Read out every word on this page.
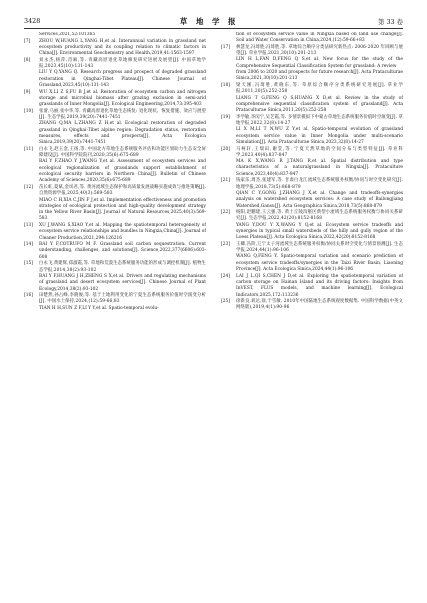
3428	草 地 学 报	第 33 卷

Services,2021,52:101365

[7]	ZHOU W,HUANG L,YANG H,et al. Interannual variation in grassland net ecosystem productivity and its coupling relation to climatic factors in China[J]. Environmental Geochemistry and Health,2019,41:1563-1597

[8]	刘永杰,杨萍,肖麻,等. 青藏高原退化草地修复研究进展及展望[J]. 中国草地学报,2023,45(10):131-143

LIU Y Q,YANG Q. Research progress and prospect of degraded grassland restoration in Qinghai-Tibet Plateau[J]. Chinese Journal of Grassland,2023,45(10):131-143

[9]	WU X,LI Z S,FU B J,et al. Restoration of ecosystem carbon and nitrogen storage and microbial biomass after grazing exclusion in semi-arid grasslands of Inner Mongolia[J]. Ecological Engineering,2014,73:395-403

[10]	张蕾,马丽,张中华,等. 青藏高原退化草地生态恢复: 退化现状、恢复措施、效应与展望[J]. 生态学报,2019,39(20):7441-7451

ZHANG Q,MA L,ZHANG Z H,et al. Ecological restoration of degraded grassland in Qinghai-Tibet alpine region: Degradation status, restoration measures, effects and prospects[J]. Acta Ecologica Sinica,2019,39(20):7441-7451

[11]	白永飞,赵玉金,王扬,等. 中国北方草地生态系统服务评估和功能区划助力生态安全屏障建设[J]. 中国科学院院刊,2020,35(6):675-689

BAI Y F,ZHAO Y J,WANG Y,et al. Assessment of ecosystem services and ecological regionalization of grasslands support establishment of ecological security barriers in Northern China[J]. Bulletin of Chinese Academy of Sciences,2020,35(6):675-689

[12]	苗长虹,夏斌,金凤君,等. 黄河流域生态保护和高质量发展战略实施成效与推进策略[J]. 自然资源学报,2025,40(3):569-583

MIAO C H,XIA C,JIN F J,et al. Implementation effectiveness and promotion strategies of ecological protection and high-quality development strategy in the Yellow River Basin[J]. Journal of Natural Resources,2025,40(3):569-583

[13]	XU J,WANG S,XIAO Y,et al. Mapping the spatiotemporal heterogeneity of ecosystem service relationships and bundles in Ningxia,China[J]. Journal of Cleaner Production,2021,294:126216

[14]	BAI Y F,COTRUFO M F. Grassland soil carbon sequestration: Current understanding, challenges, and solutions[J]. Science,2022,377(6606):603-608

[15]	白永飞,黄建辉,郑淑霞,等. 草地和荒漠生态系统服务功能的形成与调控机制[J]. 植物生态学报,2014,38(2):93-102

BAI Y F,HUANG J H,ZHENG S X,et al. Drivers and regulating mechanisms of grassland and desert ecosystem services[J]. Chinese Journal of Plant Ecology,2014,38(2):93-102

[16]	田楚然,孙占峰,李晓俊,等. 基于土地利用变化的宁夏生态系统服务价值时空演变分析[J]. 中国水土保持,2024,(12):59-66,83

TIAN H H,SUN Z F,LI Y Y,et al. Spatio-temporal evolu-

tion of ecosystem service value in Ningxia based on land use change[J]. Soil and Water Conservation in China,2024,(12):59-66+83

[17]	林慧龙,冯琦胜,冯琦胜,等. 草地综合顺序分类法研究新热点: 2006-2020 年回顾与展望[J]. 草业学报,2021,30(10):201-213

LIN H L,FAN D,FENG Q S,et al. New focus for the study of the Comprehensive Sequential Classification System for grassland: A review

from 2006 to 2020 and prospects for future research[J]. Acta Prataculturae Sinica,2021,30(10):201-213

[18]	梁天刚,冯琦胜,黄晓东,等. 草原综合顺序分类系统研究进展[J]. 草业学报,2011,20(5):252-258

LIANG T G,FENG Q S,HUANG X D,et al. Review in the study of comprehensive sequential classification system of grassland[J]. Acta Prataculturae Sinica,2011,20(5):252-258

[19]	李学敏,李闵宁,吴艺霞,等. 多情景模拟下中蒙古草地生态系统服务价值时空演变[J]. 草地学报,2022,32(8):14-27

LI X M,LI T N,WU Z Y,et al. Spatio-temporal evolution of grassland ecosystem service value in Inner Mongolia under multi-scenario Simulation[J]. Acta Prataculturae Sinica,2023,32(8):14-27

[20]	马柯轩,王瑞田,谢莹,等. 宁夏天然草地的空间分布与类型特征[J]. 草业科学,2023,40(4):837-847

MA K X,WANG R J,TANG R,et al. Spatial distribution and type characteristics of a naturalgrassland in Ningxia[J]. Prataculture Science,2023,40(4):837-847

[21]	钱家乐,周杰,张建军,等. 甘肃白龙江流域生态系统服务权衡/协同与时空变化研究[J]. 地理学报,2018,73(5):868-879

QIAN C Y,GONG J,ZHANG J X,et al. Change and tradeoffs-synergies analysis on watershed ecosystem services: A case study of Bailongjiang Watershed,Gansu[J]. Acta Geographica Sinica,2018,73(5):868-879

[22]	杨阳,赵鹏建,王云强,等. 黄土丘陵沟壑区典型小流域生态系统服务权衡与协同关系研究[J]. 生态学报,2022,42(20):8152-8168

YANG Y,DOU Y X,WANG Y Q,et al. Ecosystem service tradeoffs and synergies in typical small watersheds of the hilly and gully region of the Loess Plateau[J]. Acta Ecologica Sinica,2022,42(20):8152-8168

[23]	王卿,冯阶,辽宁太子河流域生态系统服务权衡/协同关系时空变化与情景预测[J]. 生态学报,2024,44(1):96-106

WANG Q,FENG Y. Spatio-temporal variation and scenario prediction of ecosystem service tradeoffs/synergies in the Taizi River Basin, Liaoning Province[J]. Acta Ecologica Sinica,2024,44(1):96-106

[24]	LAI J L,QI S,CHEN J D,et al. Exploring the spatiotemporal variation of carbon storage on Hainan Island and its driving factors: Insights from InVEST, FLUS models, and machine learning[J]. Ecological Indicators,2025,172:113236

[25]	徐新良,刘达,徐,于雪敏. 2010年中国陆地生态系统观度数据集. 中国科学数据(中英文网络版),2019,4(1):90-96
